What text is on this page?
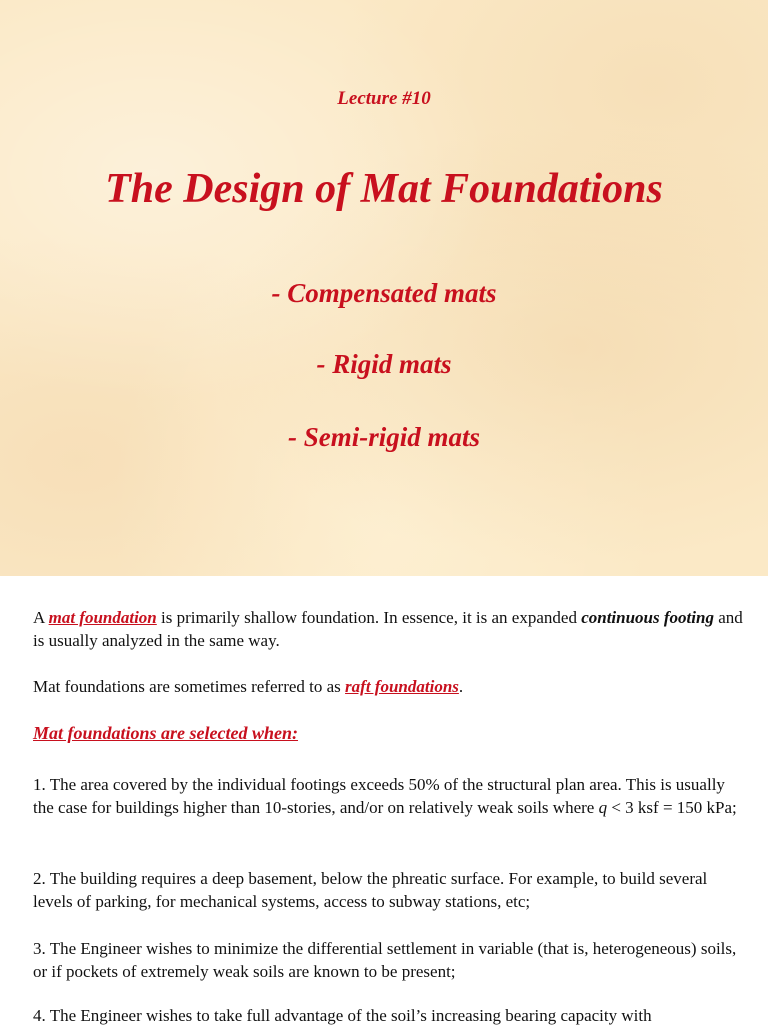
Lecture #10
The Design of Mat Foundations
- Compensated mats
- Rigid mats
- Semi-rigid mats
A mat foundation is primarily shallow foundation. In essence, it is an expanded continuous footing and is usually analyzed in the same way.
Mat foundations are sometimes referred to as raft foundations.
Mat foundations are selected when:
1. The area covered by the individual footings exceeds 50% of the structural plan area. This is usually the case for buildings higher than 10-stories, and/or on relatively weak soils where q < 3 ksf = 150 kPa;
2. The building requires a deep basement, below the phreatic surface. For example, to build several levels of parking, for mechanical systems, access to subway stations, etc;
3. The Engineer wishes to minimize the differential settlement in variable (that is, heterogeneous) soils, or if pockets of extremely weak soils are known to be present;
4. The Engineer wishes to take full advantage of the soil’s increasing bearing capacity with
